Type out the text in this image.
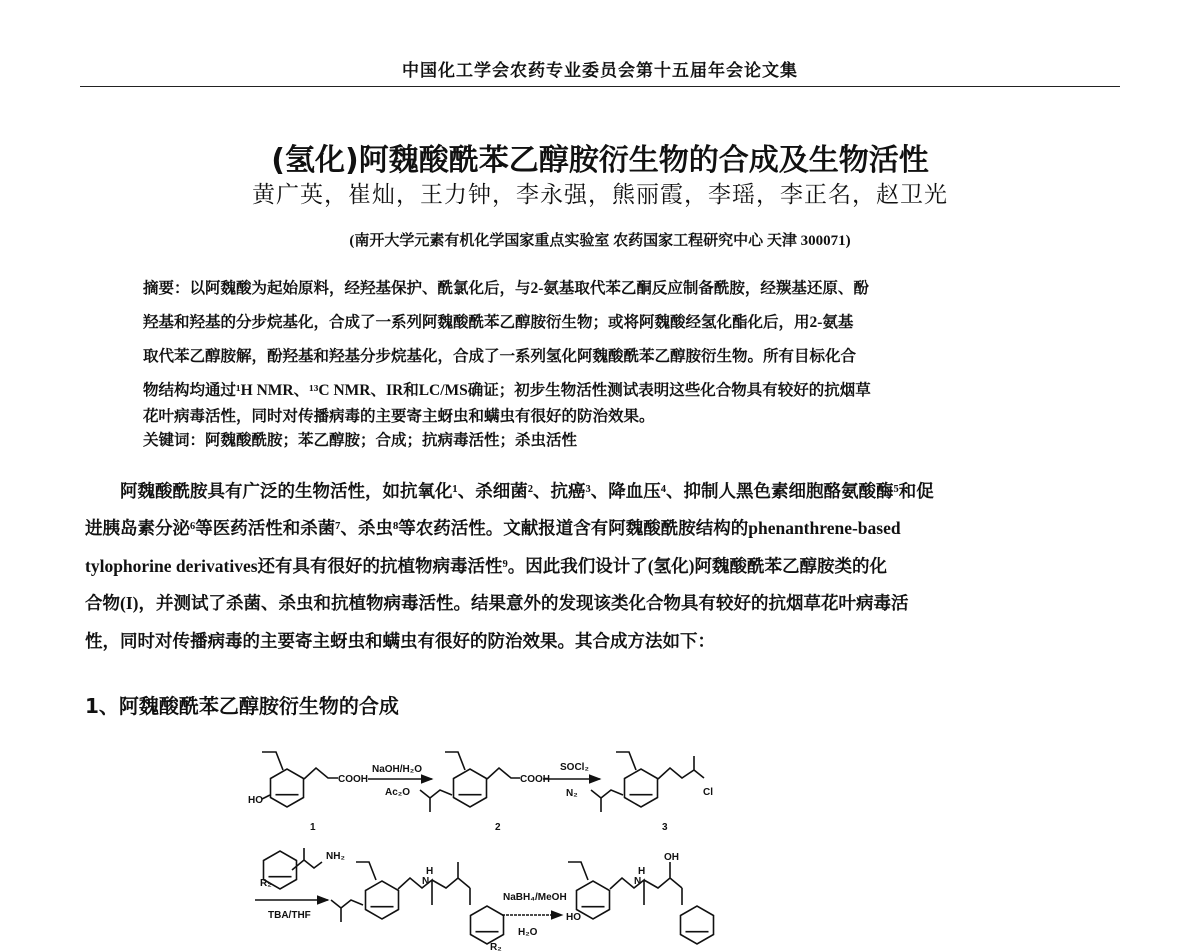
中国化工学会农药专业委员会第十五届年会论文集
(氢化)阿魏酸酰苯乙醇胺衍生物的合成及生物活性
黄广英，崔灿，王力钟，李永强，熊丽霞，李瑶，李正名，赵卫光
(南开大学元素有机化学国家重点实验室 农药国家工程研究中心 天津 300071)
摘要：以阿魏酸为起始原料，经羟基保护、酰氯化后，与2-氨基取代苯乙酮反应制备酰胺，经羰基还原、酚
羟基和羟基的分步烷基化，合成了一系列阿魏酸酰苯乙醇胺衍生物；或将阿魏酸经氢化酯化后，用2-氨基
取代苯乙醇胺解，酚羟基和羟基分步烷基化，合成了一系列氢化阿魏酸酰苯乙醇胺衍生物。所有目标化合
物结构均通过¹H NMR、¹³C NMR、IR和LC/MS确证；初步生物活性测试表明这些化合物具有较好的抗烟草
花叶病毒活性，同时对传播病毒的主要寄主蚜虫和螨虫有很好的防治效果。
关键词：阿魏酸酰胺；苯乙醇胺；合成；抗病毒活性；杀虫活性
阿魏酸酰胺具有广泛的生物活性，如抗氧化¹、杀细菌²、抗癌³、降血压⁴、抑制人黑色素细胞酪氨酸酶⁵和促
进胰岛素分泌⁶等医药活性和杀菌⁷、杀虫⁸等农药活性。文献报道含有阿魏酸酰胺结构的phenanthrene-based
tylophorine derivatives还有具有很好的抗植物病毒活性⁹。因此我们设计了(氢化)阿魏酸酰苯乙醇胺类的化
合物(I)，并测试了杀菌、杀虫和抗植物病毒活性。结果意外的发现该类化合物具有较好的抗烟草花叶病毒活
性，同时对传播病毒的主要寄主蚜虫和螨虫有很好的防治效果。其合成方法如下：
1、阿魏酸酰苯乙醇胺衍生物的合成
HO
COOH	COOH
Cl
NH₂
R₂
H
N
R₂
HO
H
N
OH
NaOH/H₂O
Ac₂O
SOCl₂
N₂
TBA/THF
NaBH₄/MeOH
H₂O
1	2	3
